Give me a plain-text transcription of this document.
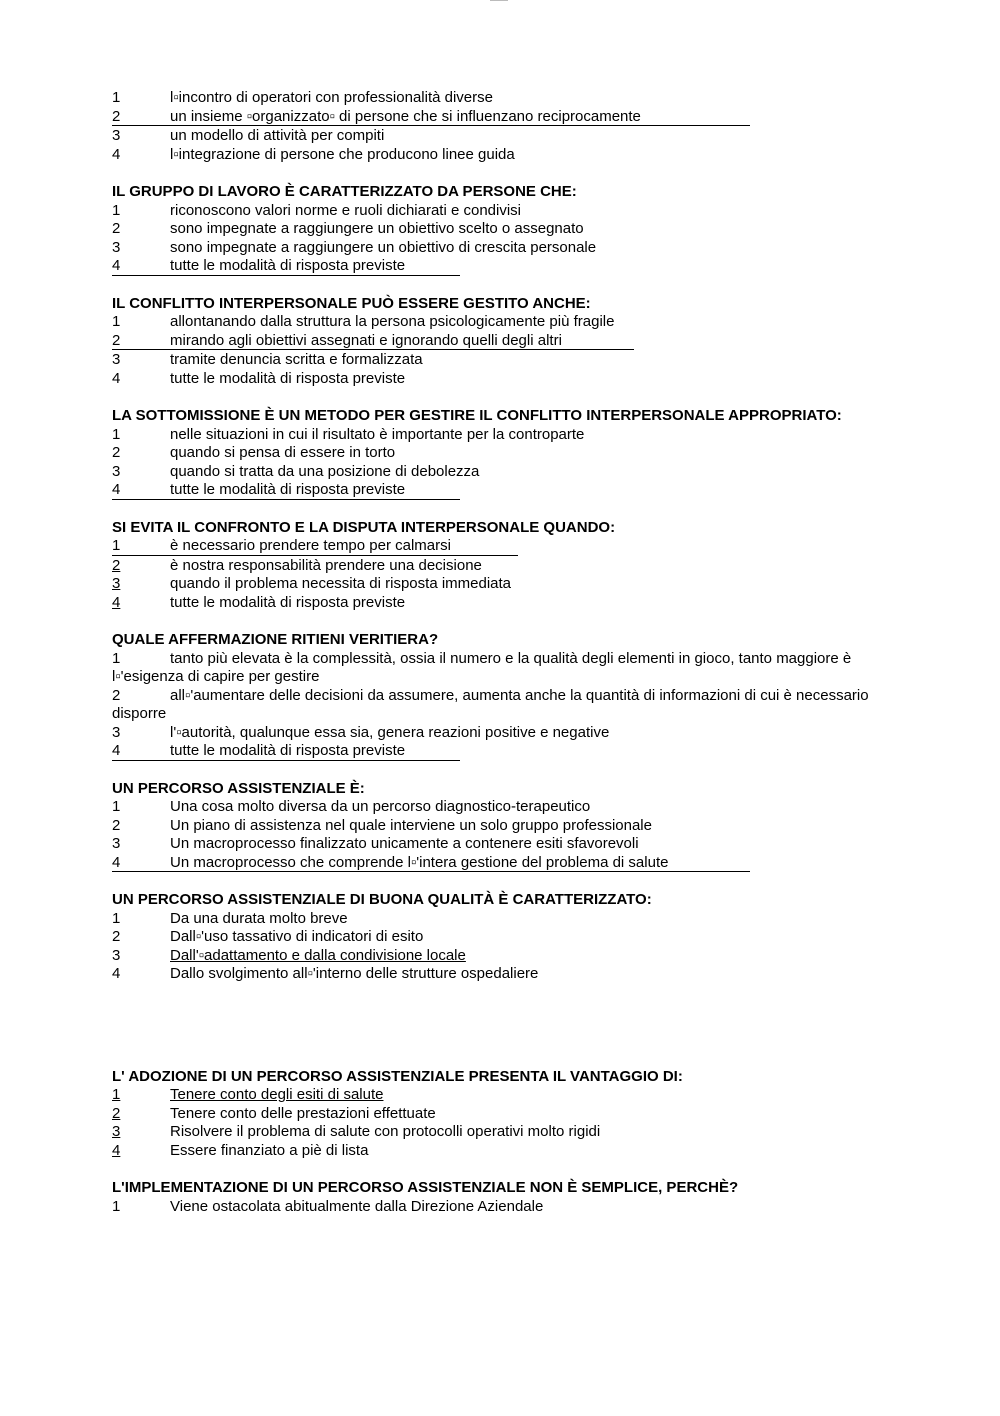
1	l▫incontro di operatori con professionalità diverse
2	un insieme ▫organizzato▫ di persone che si influenzano reciprocamente
3	un modello di attività per compiti
4	l▫integrazione di persone che producono linee guida
IL GRUPPO DI LAVORO È CARATTERIZZATO DA PERSONE CHE:
1	riconoscono valori norme e ruoli dichiarati e condivisi
2	sono impegnate a raggiungere un obiettivo scelto o assegnato
3	sono impegnate a raggiungere un obiettivo di crescita personale
4	tutte le modalità di risposta previste
IL CONFLITTO INTERPERSONALE PUÒ ESSERE GESTITO ANCHE:
1	allontanando dalla struttura la persona psicologicamente più fragile
2	mirando agli obiettivi assegnati e ignorando quelli degli altri
3	tramite denuncia scritta e formalizzata
4	tutte le modalità di risposta previste
LA SOTTOMISSIONE È UN METODO PER GESTIRE IL CONFLITTO INTERPERSONALE APPROPRIATO:
1	nelle situazioni in cui il risultato è importante per la controparte
2	quando si pensa di essere in torto
3	quando si tratta da una posizione di debolezza
4	tutte le modalità di risposta previste
SI EVITA IL CONFRONTO E LA DISPUTA INTERPERSONALE QUANDO:
1	è necessario prendere tempo per calmarsi
2	è nostra responsabilità prendere una decisione
3	quando il problema necessita di risposta immediata
4	tutte le modalità di risposta previste
QUALE AFFERMAZIONE RITIENI VERITIERA?
1	tanto più elevata è la complessità, ossia il numero e la qualità degli elementi in gioco, tanto maggiore è l▫'esigenza di capire per gestire
2	all▫'aumentare delle decisioni da assumere, aumenta anche la quantità di informazioni di cui è necessario disporre
3	l'▫autorità, qualunque essa sia, genera reazioni positive e negative
4	tutte le modalità di risposta previste
UN PERCORSO ASSISTENZIALE È:
1	Una cosa molto diversa da un percorso diagnostico-terapeutico
2	Un piano di assistenza nel quale interviene un solo gruppo professionale
3	Un macroprocesso finalizzato unicamente a contenere esiti sfavorevoli
4	Un macroprocesso che comprende l▫'intera gestione del problema di salute
UN PERCORSO ASSISTENZIALE DI BUONA QUALITÀ È CARATTERIZZATO:
1	Da una durata molto breve
2	Dall▫'uso tassativo di indicatori di esito
3	Dall'▫adattamento e dalla condivisione locale
4	Dallo svolgimento all▫'interno delle strutture ospedaliere
L' ADOZIONE DI UN PERCORSO ASSISTENZIALE PRESENTA IL VANTAGGIO DI:
1	Tenere conto degli esiti di salute
2	Tenere conto delle prestazioni effettuate
3	Risolvere il problema di salute con protocolli operativi molto rigidi
4	Essere finanziato a piè di lista
L'IMPLEMENTAZIONE DI UN PERCORSO ASSISTENZIALE NON È SEMPLICE, PERCHÈ?
1	Viene ostacolata abitualmente dalla Direzione Aziendale
